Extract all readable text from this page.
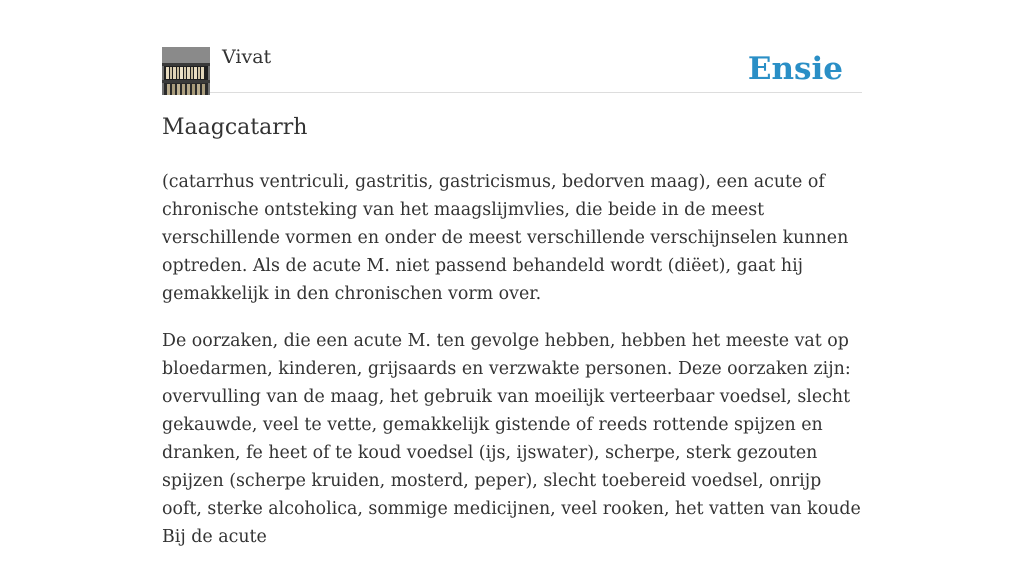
Vivat	Ensie
Maagcatarrh

(catarrhus ventriculi, gastritis, gastricismus, bedorven maag), een acute of chronische ontsteking van het maagslijmvlies, die beide in de meest verschillende vormen en onder de meest verschillende verschijnselen kunnen optreden. Als de acute M. niet passend behandeld wordt (diëet), gaat hij gemakkelijk in den chronischen vorm over.

De oorzaken, die een acute M. ten gevolge hebben, hebben het meeste vat op bloedarmen, kinderen, grijsaards en verzwakte personen. Deze oorzaken zijn: overvulling van de maag, het gebruik van moeilijk verteerbaar voedsel, slecht gekauwde, veel te vette, gemakkelijk gistende of reeds rottende spijzen en dranken, fe heet of te koud voedsel (ijs, ijswater), scherpe, sterk gezouten spijzen (scherpe kruiden, mosterd, peper), slecht toebereid voedsel, onrijp ooft, sterke alcoholica, sommige medicijnen, veel rooken, het vatten van koude Bij de acute
